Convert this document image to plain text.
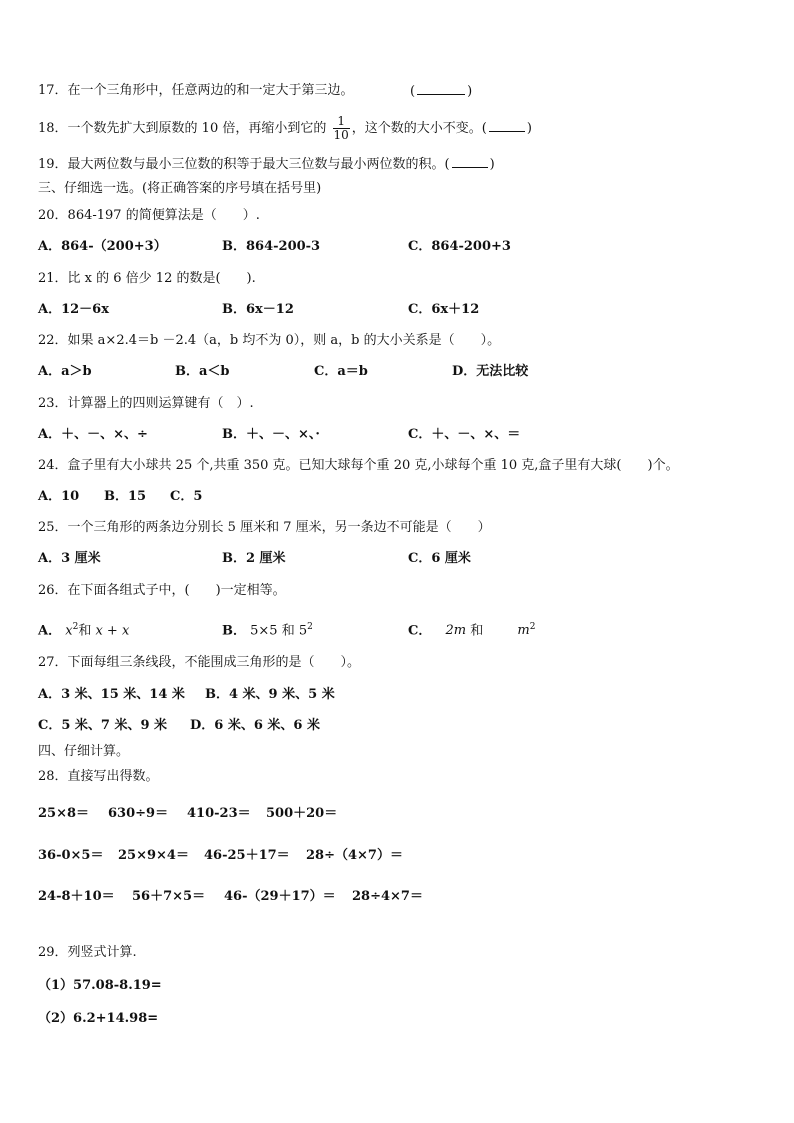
17．在一个三角形中，任意两边的和一定大于第三边。	(	)
18．一个数先扩大到原数的 10 倍，再缩小到它的 $\frac{1}{10}$ ，这个数的大小不变。(	)
19．最大两位数与最小三位数的积等于最大三位数与最小两位数的积。(	)
三、仔细选一选。(将正确答案的序号填在括号里)
20．864-197 的简便算法是（　　）.
A．864-（200+3）	B．864-200-3	C．864-200+3
21．比 x 的 6 倍少 12 的数是(　　).
A．12－6x	B．6x－12	C．6x＋12
22．如果 a×2.4＝b －2.4（a，b 均不为 0），则 a，b 的大小关系是（　　）。
A．a＞b	B．a＜b	C．a＝b	D．无法比较
23．计算器上的四则运算键有（　）.
A．＋、－、×、÷	B．＋、－、×、·	C．＋、－、×、＝
24．盒子里有大小球共 25 个,共重 350 克。已知大球每个重 20 克,小球每个重 10 克,盒子里有大球(　　)个。
A．10 B．15 C．5
25．一个三角形的两条边分别长 5 厘米和 7 厘米，另一条边不可能是（　　）
A．3 厘米	B．2 厘米	C．6 厘米
26．在下面各组式子中，(　　)一定相等。
A． $x^2$和 x + x	B． 5×5 和 $5^2$	C． 2m 和	$m^2$
27．下面每组三条线段，不能围成三角形的是（　　）。
A．3 米、15 米、14 米 B．4 米、9 米、5 米
C．5 米、7 米、9 米 D．6 米、6 米、6 米
四、仔细计算。
28．直接写出得数。
25×8＝ 630÷9＝ 410-23＝ 500＋20＝
36-0×5＝ 25×9×4＝ 46-25＋17＝ 28÷（4×7）＝
24-8＋10＝ 56＋7×5＝ 46-（29＋17）＝ 28÷4×7＝
29．列竖式计算.
（1）57.08-8.19=
（2）6.2+14.98=
